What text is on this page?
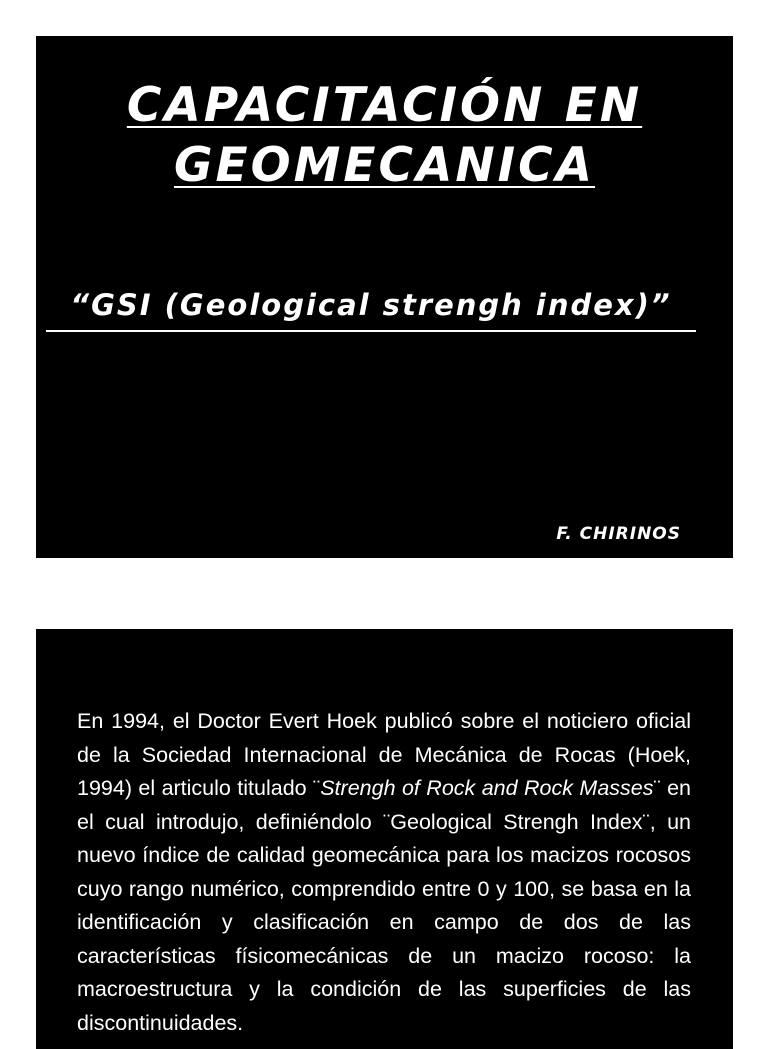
CAPACITACIÓN EN
GEOMECANICA
“GSI (Geological strengh index)”
F. CHIRINOS

En 1994, el Doctor Evert Hoek publicó sobre el noticiero oficial de la Sociedad Internacional de Mecánica de Rocas (Hoek, 1994) el articulo titulado ¨Strengh of Rock and Rock Masses¨ en el cual introdujo, definiéndolo ¨Geological Strengh Index¨, un nuevo índice de calidad geomecánica para los macizos rocosos cuyo rango numérico, comprendido entre 0 y 100, se basa en la identificación y clasificación en campo de dos de las características físicomecánicas de un macizo rocoso: la macroestructura y la condición de las superficies de las discontinuidades.
